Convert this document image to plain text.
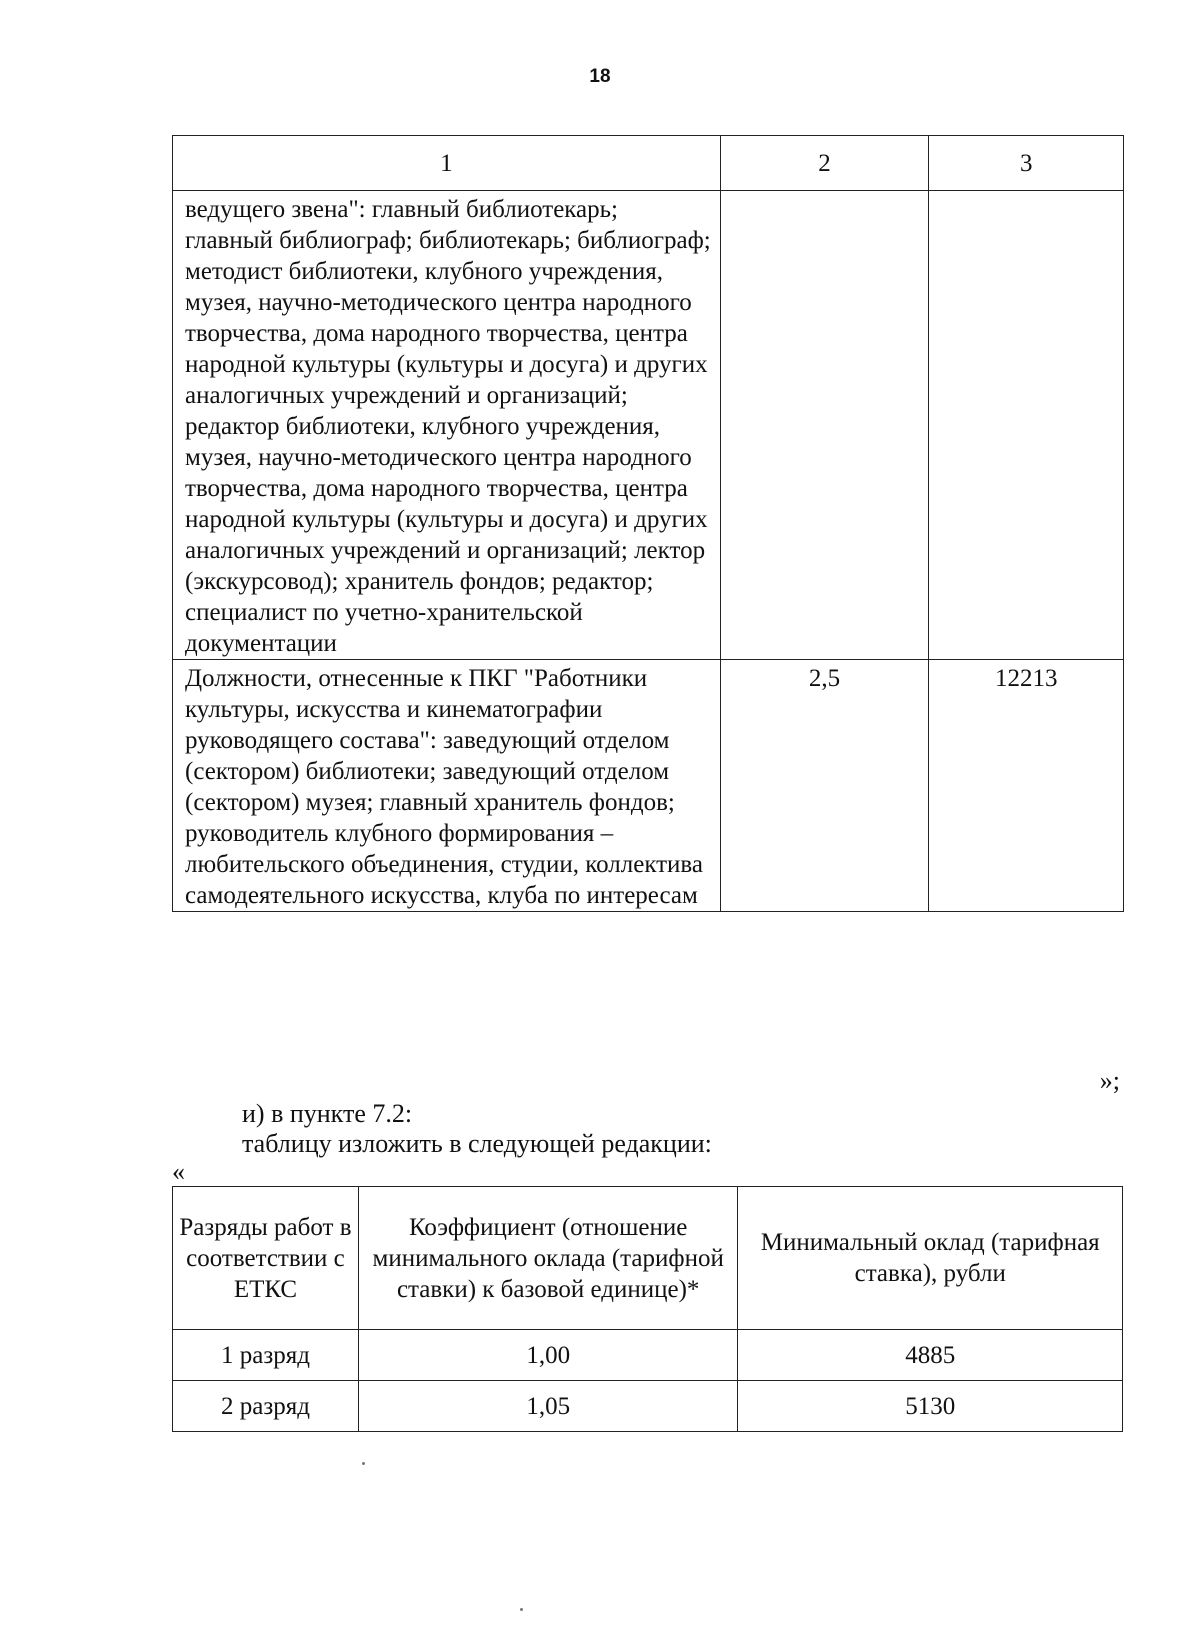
18
1	2	3
ведущего звена": главный библиотекарь; главный библиограф; библиотекарь; библиограф; методист библиотеки, клубного учреждения, музея, научно-методического центра народного творчества, дома народного творчества, центра народной культуры (культуры и досуга) и других аналогичных учреждений и организаций; редактор библиотеки, клубного учреждения, музея, научно-методического центра народного творчества, дома народного творчества, центра народной культуры (культуры и досуга) и других аналогичных учреждений и организаций; лектор (экскурсовод); хранитель фондов; редактор; специалист по учетно-хранительской документации		
Должности, отнесенные к ПКГ "Работники культуры, искусства и кинематографии руководящего состава": заведующий отделом (сектором) библиотеки; заведующий отделом (сектором) музея; главный хранитель фондов; руководитель клубного формирования – любительского объединения, студии, коллектива самодеятельного искусства, клуба по интересам	2,5	12213
»;
и) в пункте 7.2:
таблицу изложить в следующей редакции:
«
Разряды работ в соответствии с ЕТКС	Коэффициент (отношение минимального оклада (тарифной ставки) к базовой единице)*	Минимальный оклад (тарифная ставка), рубли
1 разряд	1,00	4885
2 разряд	1,05	5130
